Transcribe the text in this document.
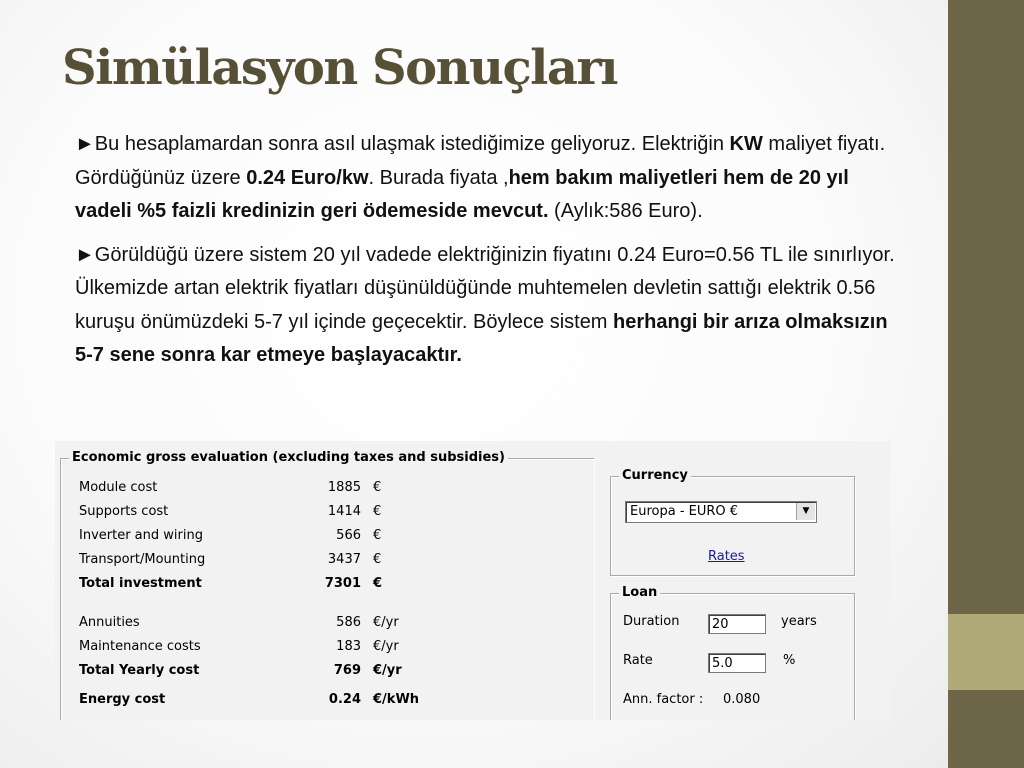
Simülasyon Sonuçları

►Bu hesaplamardan sonra asıl ulaşmak istediğimize geliyoruz. Elektriğin KW maliyet fiyatı. Gördüğünüz üzere 0.24 Euro/kw. Burada fiyata ,hem bakım maliyetleri hem de 20 yıl vadeli %5 faizli kredinizin geri ödemeside mevcut. (Aylık:586 Euro).

►Görüldüğü üzere sistem 20 yıl vadede elektriğinizin fiyatını 0.24 Euro=0.56 TL ile sınırlıyor. Ülkemizde artan elektrik fiyatları düşünüldüğünde muhtemelen devletin sattığı elektrik 0.56 kuruşu önümüzdeki 5-7 yıl içinde geçecektir. Böylece sistem herhangi bir arıza olmaksızın 5-7 sene sonra kar etmeye başlayacaktır.

Economic gross evaluation (excluding taxes and subsidies)
Module cost	1885 €
Supports cost	1414 €
Inverter and wiring	566 €
Transport/Mounting	3437 €
Total investment	7301 €
Annuities	586 €/yr
Maintenance costs	183 €/yr
Total Yearly cost	769 €/yr
Energy cost	0.24 €/kWh
Currency
Europa - EURO €	▼
Rates
Loan
Duration	20	years
Rate	5.0	%
Ann. factor : 0.080
